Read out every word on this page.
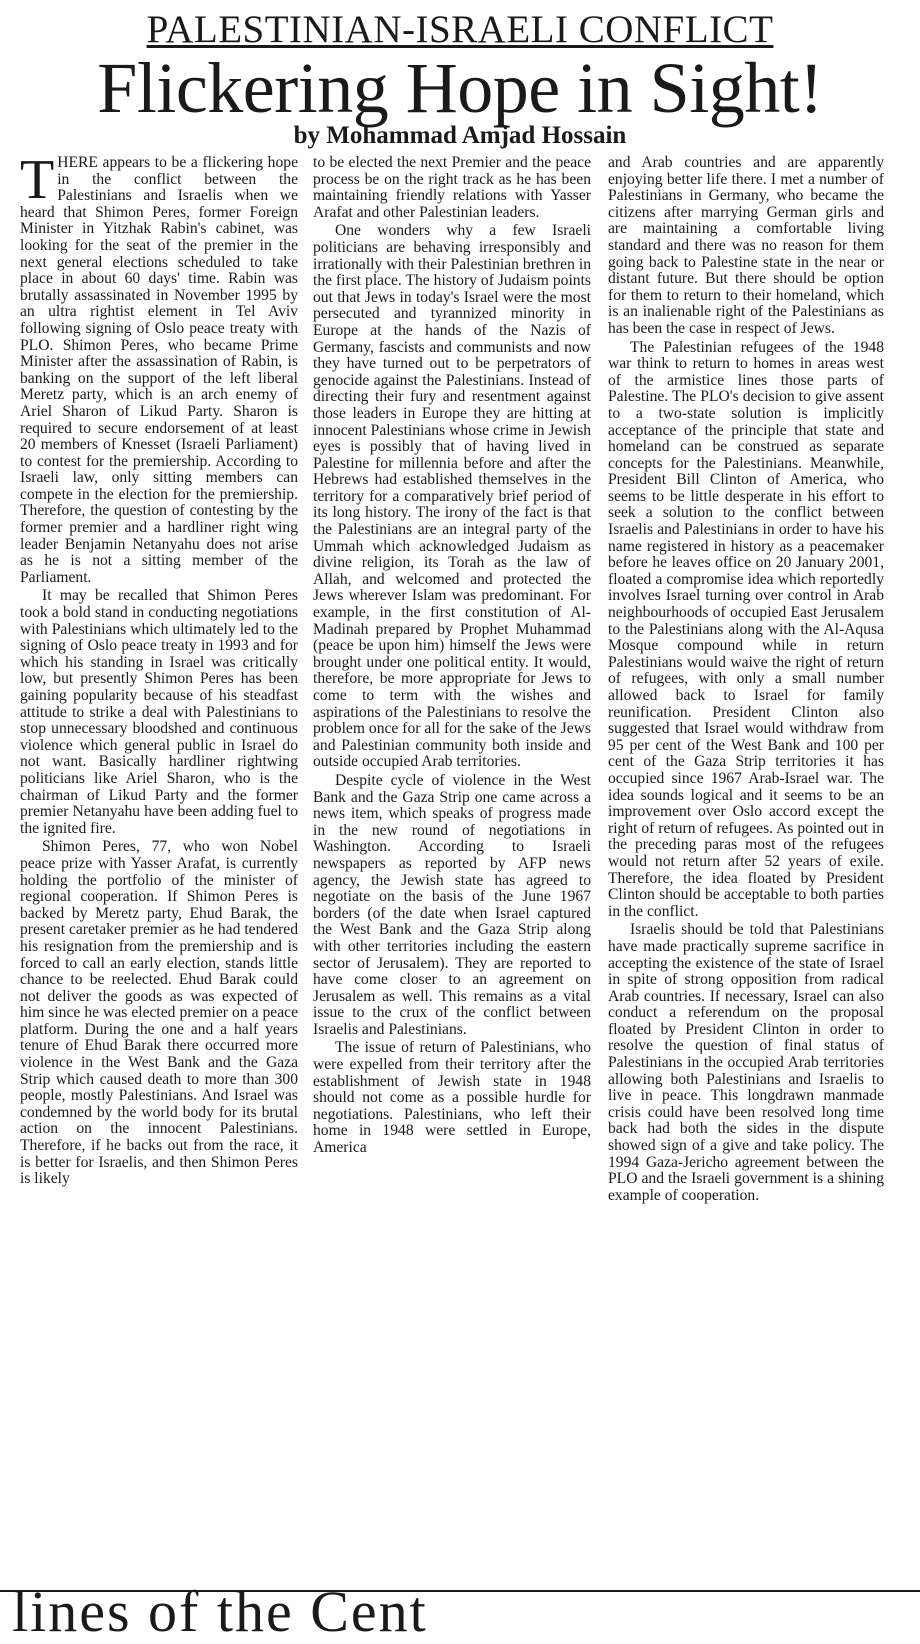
PALESTINIAN-ISRAELI CONFLICT
Flickering Hope in Sight!
by Mohammad Amjad Hossain

THERE appears to be a flickering hope in the conflict between the Palestinians and Israelis when we heard that Shimon Peres, former Foreign Minister in Yitzhak Rabin's cabinet, was looking for the seat of the premier in the next general elections scheduled to take place in about 60 days' time. Rabin was brutally assassinated in November 1995 by an ultra rightist element in Tel Aviv following signing of Oslo peace treaty with PLO. Shimon Peres, who became Prime Minister after the assassination of Rabin, is banking on the support of the left liberal Meretz party, which is an arch enemy of Ariel Sharon of Likud Party. Sharon is required to secure endorsement of at least 20 members of Knesset (Israeli Parliament) to contest for the premiership. According to Israeli law, only sitting members can compete in the election for the premiership. Therefore, the question of contesting by the former premier and a hardliner right wing leader Benjamin Netanyahu does not arise as he is not a sitting member of the Parliament.

It may be recalled that Shimon Peres took a bold stand in conducting negotiations with Palestinians which ultimately led to the signing of Oslo peace treaty in 1993 and for which his standing in Israel was critically low, but presently Shimon Peres has been gaining popularity because of his steadfast attitude to strike a deal with Palestinians to stop unnecessary bloodshed and continuous violence which general public in Israel do not want. Basically hardliner rightwing politicians like Ariel Sharon, who is the chairman of Likud Party and the former premier Netanyahu have been adding fuel to the ignited fire.

Shimon Peres, 77, who won Nobel peace prize with Yasser Arafat, is currently holding the portfolio of the minister of regional cooperation. If Shimon Peres is backed by Meretz party, Ehud Barak, the present caretaker premier as he had tendered his resignation from the premiership and is forced to call an early election, stands little chance to be reelected. Ehud Barak could not deliver the goods as was expected of him since he was elected premier on a peace platform. During the one and a half years tenure of Ehud Barak there occurred more violence in the West Bank and the Gaza Strip which caused death to more than 300 people, mostly Palestinians. And Israel was condemned by the world body for its brutal action on the innocent Palestinians. Therefore, if he backs out from the race, it is better for Israelis, and then Shimon Peres is likely

to be elected the next Premier and the peace process be on the right track as he has been maintaining friendly relations with Yasser Arafat and other Palestinian leaders.

One wonders why a few Israeli politicians are behaving irresponsibly and irrationally with their Palestinian brethren in the first place. The history of Judaism points out that Jews in today's Israel were the most persecuted and tyrannized minority in Europe at the hands of the Nazis of Germany, fascists and communists and now they have turned out to be perpetrators of genocide against the Palestinians. Instead of directing their fury and resentment against those leaders in Europe they are hitting at innocent Palestinians whose crime in Jewish eyes is possibly that of having lived in Palestine for millennia before and after the Hebrews had established themselves in the territory for a comparatively brief period of its long history. The irony of the fact is that the Palestinians are an integral party of the Ummah which acknowledged Judaism as divine religion, its Torah as the law of Allah, and welcomed and protected the Jews wherever Islam was predominant. For example, in the first constitution of Al-Madinah prepared by Prophet Muhammad (peace be upon him) himself the Jews were brought under one political entity. It would, therefore, be more appropriate for Jews to come to term with the wishes and aspirations of the Palestinians to resolve the problem once for all for the sake of the Jews and Palestinian community both inside and outside occupied Arab territories.

Despite cycle of violence in the West Bank and the Gaza Strip one came across a news item, which speaks of progress made in the new round of negotiations in Washington. According to Israeli newspapers as reported by AFP news agency, the Jewish state has agreed to negotiate on the basis of the June 1967 borders (of the date when Israel captured the West Bank and the Gaza Strip along with other territories including the eastern sector of Jerusalem). They are reported to have come closer to an agreement on Jerusalem as well. This remains as a vital issue to the crux of the conflict between Israelis and Palestinians.

The issue of return of Palestinians, who were expelled from their territory after the establishment of Jewish state in 1948 should not come as a possible hurdle for negotiations. Palestinians, who left their home in 1948 were settled in Europe, America

and Arab countries and are apparently enjoying better life there. I met a number of Palestinians in Germany, who became the citizens after marrying German girls and are maintaining a comfortable living standard and there was no reason for them going back to Palestine state in the near or distant future. But there should be option for them to return to their homeland, which is an inalienable right of the Palestinians as has been the case in respect of Jews.

The Palestinian refugees of the 1948 war think to return to homes in areas west of the armistice lines those parts of Palestine. The PLO's decision to give assent to a two-state solution is implicitly acceptance of the principle that state and homeland can be construed as separate concepts for the Palestinians. Meanwhile, President Bill Clinton of America, who seems to be little desperate in his effort to seek a solution to the conflict between Israelis and Palestinians in order to have his name registered in history as a peacemaker before he leaves office on 20 January 2001, floated a compromise idea which reportedly involves Israel turning over control in Arab neighbourhoods of occupied East Jerusalem to the Palestinians along with the Al-Aqusa Mosque compound while in return Palestinians would waive the right of return of refugees, with only a small number allowed back to Israel for family reunification. President Clinton also suggested that Israel would withdraw from 95 per cent of the West Bank and 100 per cent of the Gaza Strip territories it has occupied since 1967 Arab-Israel war. The idea sounds logical and it seems to be an improvement over Oslo accord except the right of return of refugees. As pointed out in the preceding paras most of the refugees would not return after 52 years of exile. Therefore, the idea floated by President Clinton should be acceptable to both parties in the conflict.

Israelis should be told that Palestinians have made practically supreme sacrifice in accepting the existence of the state of Israel in spite of strong opposition from radical Arab countries. If necessary, Israel can also conduct a referendum on the proposal floated by President Clinton in order to resolve the question of final status of Palestinians in the occupied Arab territories allowing both Palestinians and Israelis to live in peace. This longdrawn manmade crisis could have been resolved long time back had both the sides in the dispute showed sign of a give and take policy. The 1994 Gaza-Jericho agreement between the PLO and the Israeli government is a shining example of cooperation.

lines of the Cent
